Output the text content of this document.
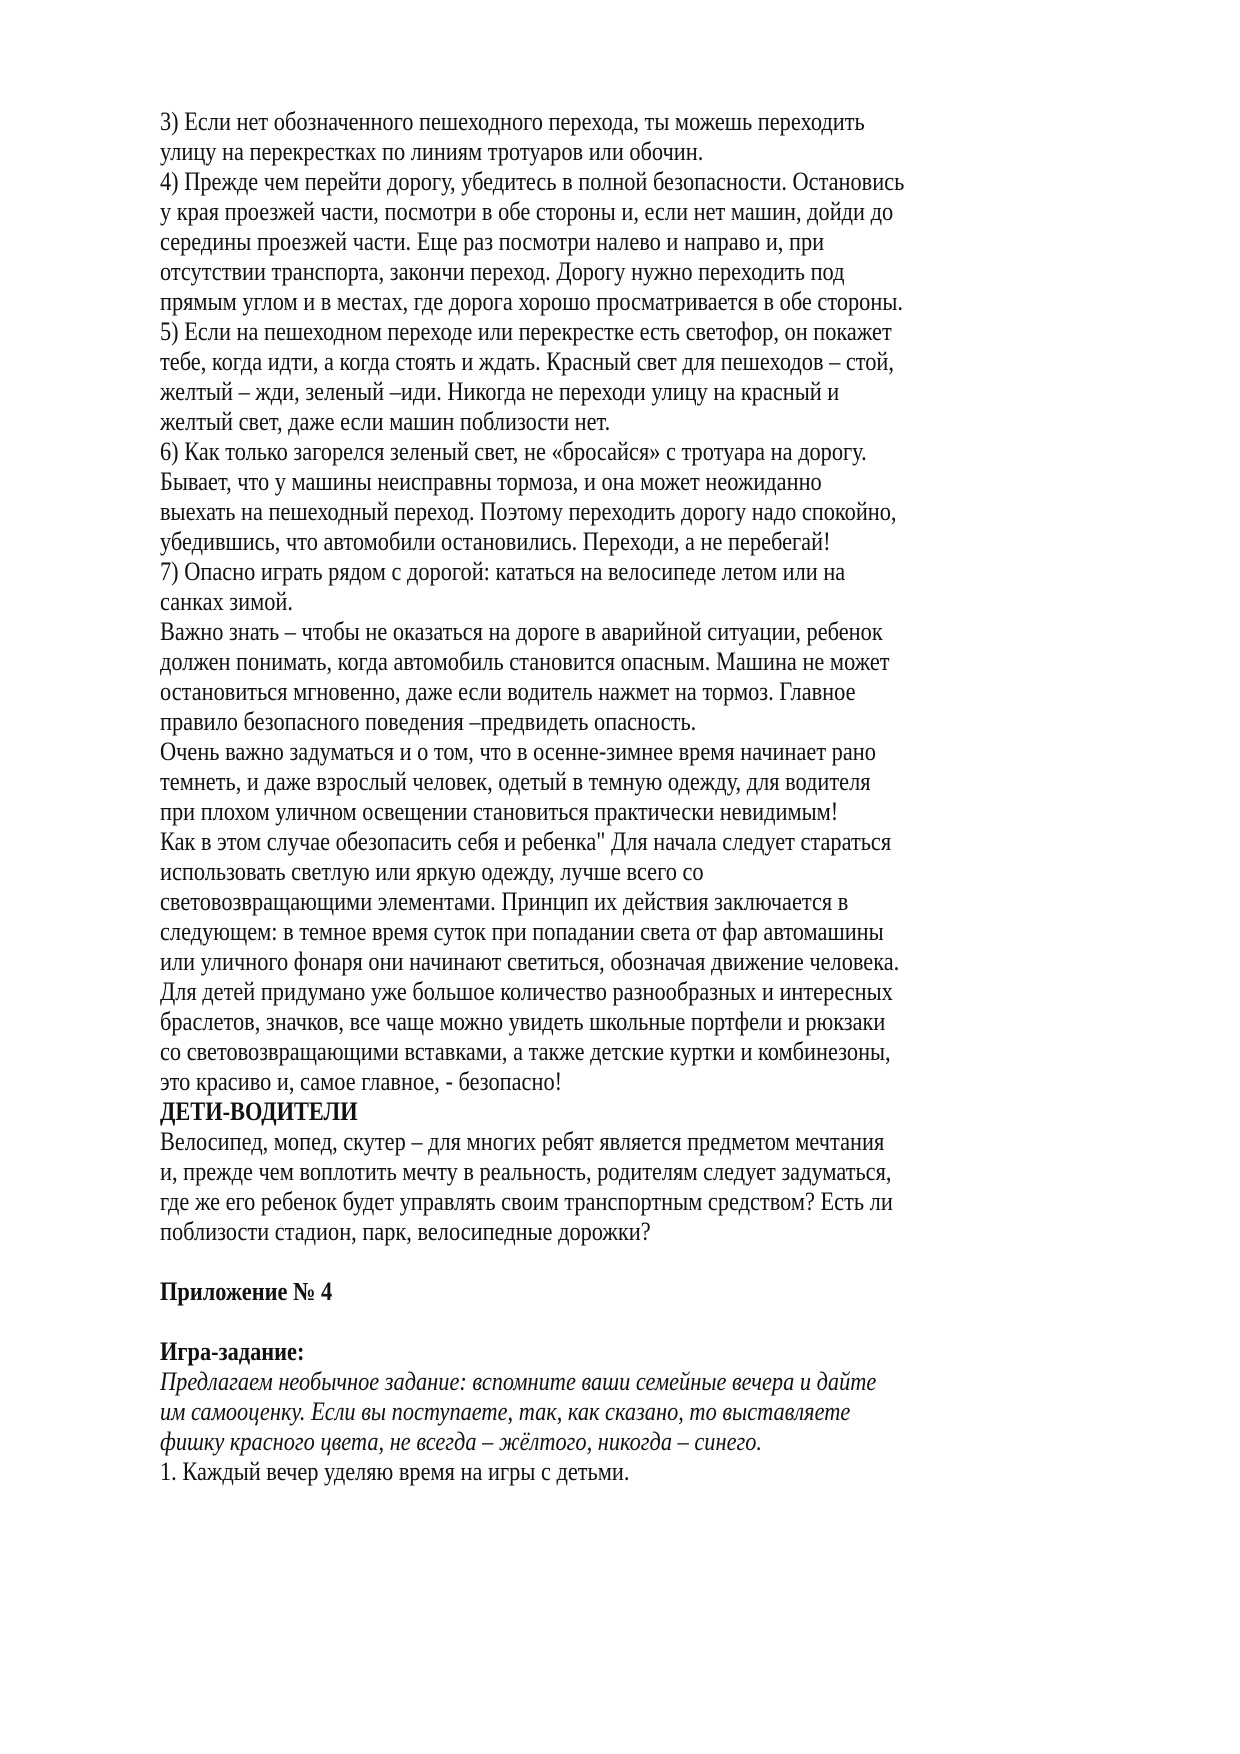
3) Если нет обозначенного пешеходного перехода, ты можешь переходить
улицу на перекрестках по линиям тротуаров или обочин.
4) Прежде чем перейти дорогу, убедитесь в полной безопасности. Остановись
у края проезжей части, посмотри в обе стороны и, если нет машин, дойди до
середины проезжей части. Еще раз посмотри налево и направо и, при
отсутствии транспорта, закончи переход. Дорогу нужно переходить под
прямым углом и в местах, где дорога хорошо просматривается в обе стороны.
5) Если на пешеходном переходе или перекрестке есть светофор, он покажет
тебе, когда идти, а когда стоять и ждать. Красный свет для пешеходов – стой,
желтый – жди, зеленый –иди. Никогда не переходи улицу на красный и
желтый свет, даже если машин поблизости нет.
6) Как только загорелся зеленый свет, не «бросайся» с тротуара на дорогу.
Бывает, что у машины неисправны тормоза, и она может неожиданно
выехать на пешеходный переход. Поэтому переходить дорогу надо спокойно,
убедившись, что автомобили остановились. Переходи, а не перебегай!
7) Опасно играть рядом с дорогой: кататься на велосипеде летом или на
санках зимой.
Важно знать – чтобы не оказаться на дороге в аварийной ситуации, ребенок
должен понимать, когда автомобиль становится опасным. Машина не может
остановиться мгновенно, даже если водитель нажмет на тормоз. Главное
правило безопасного поведения –предвидеть опасность.
Очень важно задуматься и о том, что в осенне-зимнее время начинает рано
темнеть, и даже взрослый человек, одетый в темную одежду, для водителя
при плохом уличном освещении становиться практически невидимым!
Как в этом случае обезопасить себя и ребенка" Для начала следует стараться
использовать светлую или яркую одежду, лучше всего со
световозвращающими элементами. Принцип их действия заключается в
следующем: в темное время суток при попадании света от фар автомашины
или уличного фонаря они начинают светиться, обозначая движение человека.
Для детей придумано уже большое количество разнообразных и интересных
браслетов, значков, все чаще можно увидеть школьные портфели и рюкзаки
со световозвращающими вставками, а также детские куртки и комбинезоны,
это красиво и, самое главное, - безопасно!
ДЕТИ-ВОДИТЕЛИ
Велосипед, мопед, скутер – для многих ребят является предметом мечтания
и, прежде чем воплотить мечту в реальность, родителям следует задуматься,
где же его ребенок будет управлять своим транспортным средством? Есть ли
поблизости стадион, парк, велосипедные дорожки?
Приложение № 4
Игра-задание:
Предлагаем необычное задание: вспомните ваши семейные вечера и дайте
им самооценку. Если вы поступаете, так, как сказано, то выставляете
фишку красного цвета, не всегда – жёлтого, никогда – синего.
1. Каждый вечер уделяю время на игры с детьми.
